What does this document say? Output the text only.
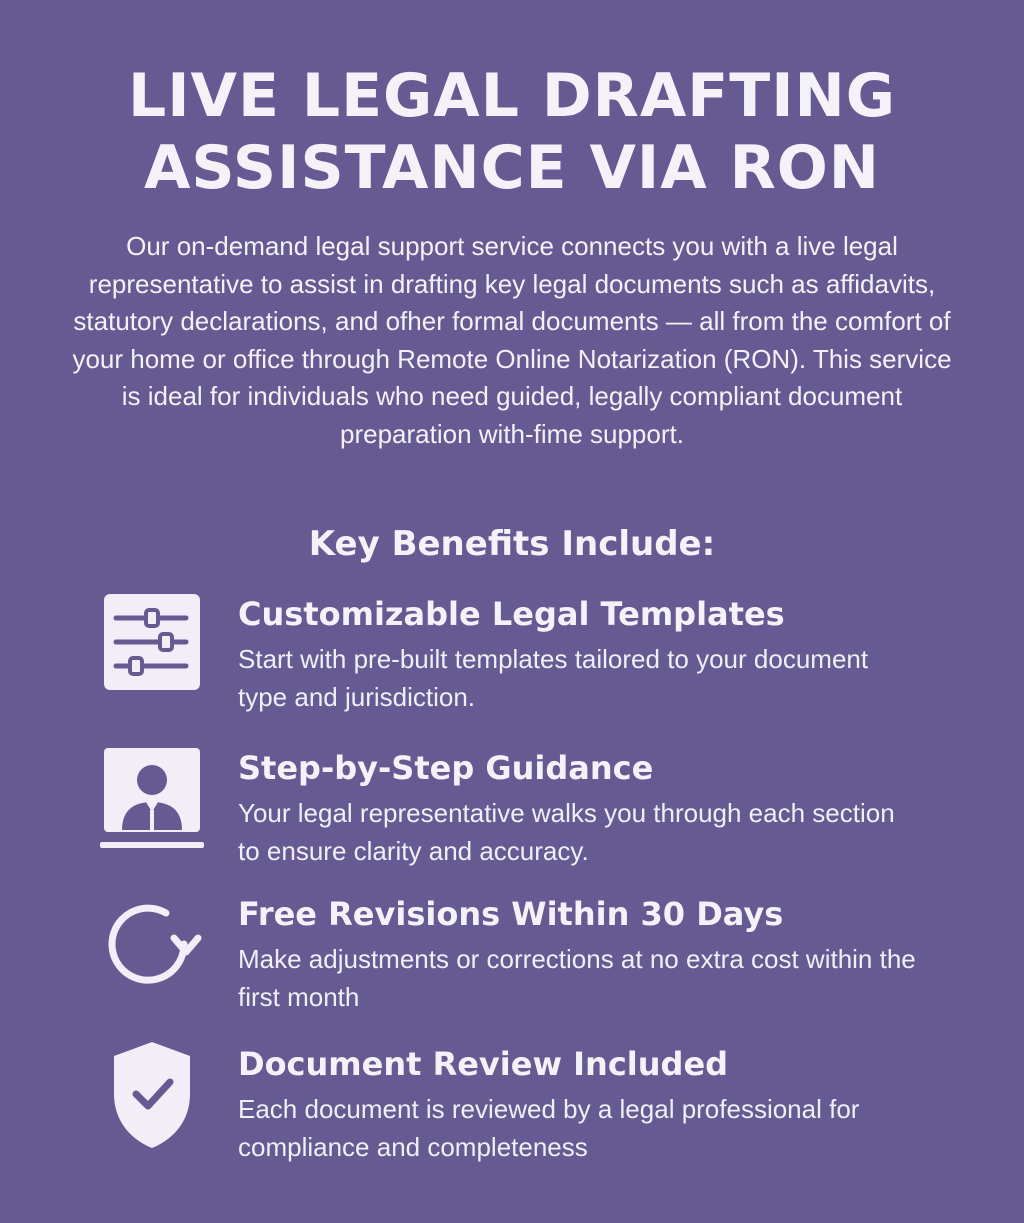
LIVE LEGAL DRAFTING
ASSISTANCE VIA RON

Our on-demand legal support service connects you with a live legal representative to assist in drafting key legal documents such as affidavits, statutory declarations, and ofher formal documents — all from the comfort of your home or office through Remote Online Notarization (RON). This service is ideal for individuals who need guided, legally compliant document preparation with-fime support.

Key Benefits Include:
Customizable Legal Templates
Start with pre-built templates tailored to your document type and jurisdiction.
Step-by-Step Guidance
Your legal representative walks you through each section to ensure clarity and accuracy.
Free Revisions Within 30 Days
Make adjustments or corrections at no extra cost within the first month
Document Review Included
Each document is reviewed by a legal professional for compliance and completeness
